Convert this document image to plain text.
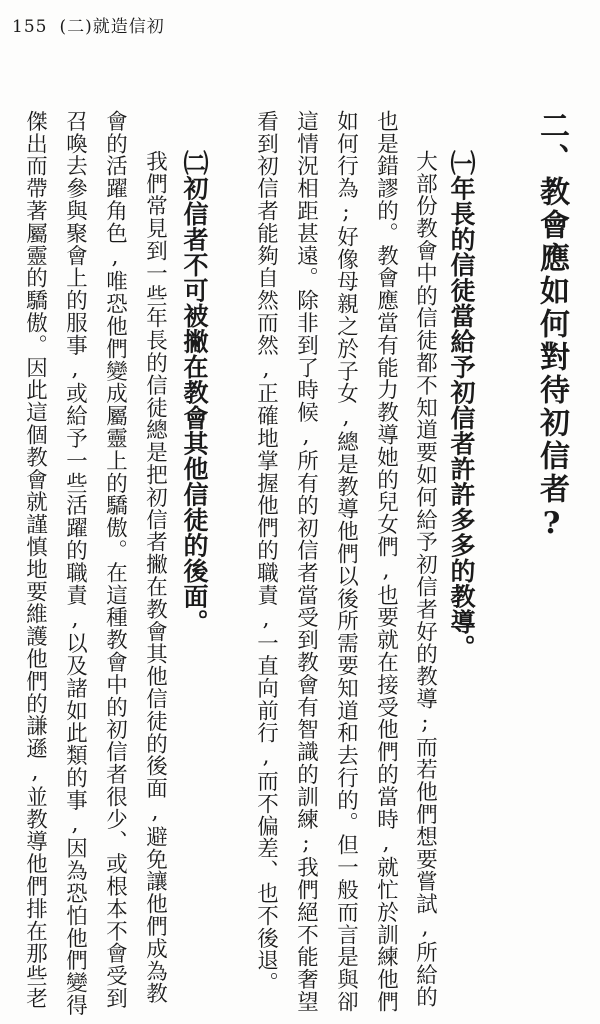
155 (二)就造信初
二、教會應如何對待初信者?
㈠年長的信徒當給予初信者許許多多的教導。
大部份教會中的信徒都不知道要如何給予初信者好的教導;而若他們想要嘗試,所給的
也是錯謬的。教會應當有能力教導她的兒女們,也要就在接受他們的當時,就忙於訓練他們
如何行為;好像母親之於子女,總是教導他們以後所需要知道和去行的。但一般而言是與卻
這情況相距甚遠。除非到了時候,所有的初信者當受到教會有智識的訓練;我們絕不能奢望
看到初信者能夠自然而然,正確地掌握他們的職責,一直向前行,而不偏差、也不後退。
㈡初信者不可被撇在教會其他信徒的後面。
我們常見到一些年長的信徒總是把初信者撇在教會其他信徒的後面,避免讓他們成為教
會的活躍角色,唯恐他們變成屬靈上的驕傲。在這種教會中的初信者很少、或根本不會受到
召喚去參與聚會上的服事,或給予一些活躍的職責,以及諸如此類的事,因為恐怕他們變得
傑出而帶著屬靈的驕傲。因此這個教會就謹慎地要維護他們的謙遜,並教導他們排在那些老
